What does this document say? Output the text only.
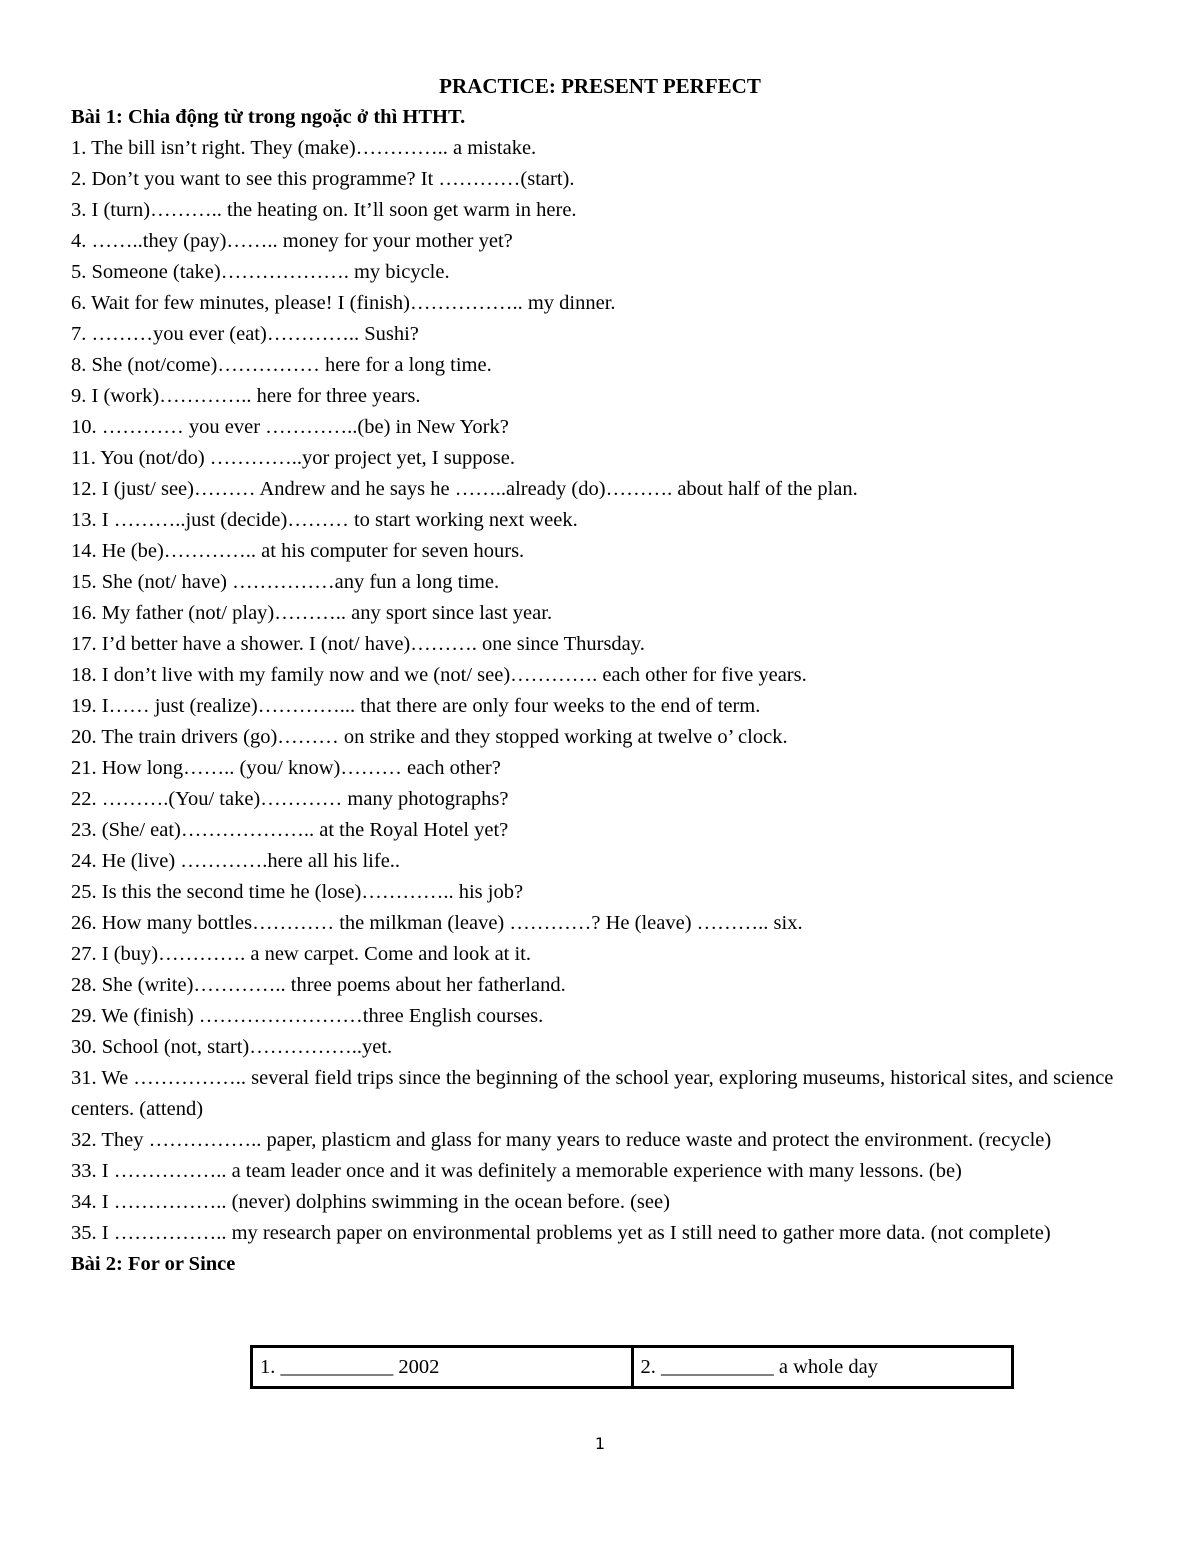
PRACTICE: PRESENT PERFECT
Bài 1: Chia động từ trong ngoặc ở thì HTHT.
1. The bill isn’t right. They (make)………….. a mistake.
2. Don’t you want to see this programme? It …………(start).
3. I (turn)……….. the heating on. It’ll soon get warm in here.
4. ……..they (pay)…….. money for your mother yet?
5. Someone (take)………………. my bicycle.
6. Wait for few minutes, please! I (finish)…………….. my dinner.
7. ………you ever (eat)………….. Sushi?
8. She (not/come)…………… here for a long time.
9. I (work)………….. here for three years.
10. ………… you ever …………..(be) in New York?
11. You (not/do) …………..yor project yet, I suppose.
12. I (just/ see)……… Andrew and he says he ……..already (do)………. about half of the plan.
13. I ………..just (decide)……… to start working next week.
14. He (be)………….. at his computer for seven hours.
15. She (not/ have) ……………any fun a long time.
16. My father (not/ play)……….. any sport since last year.
17. I’d better have a shower. I (not/ have)………. one since Thursday.
18. I don’t live with my family now and we (not/ see)…………. each other for five years.
19. I…… just (realize)…………... that there are only four weeks to the end of term.
20. The train drivers (go)……… on strike and they stopped working at twelve o’ clock.
21. How long…….. (you/ know)……… each other?
22. ……….(You/ take)………… many photographs?
23. (She/ eat)……………….. at the Royal Hotel yet?
24. He (live) ………….here all his life..
25. Is this the second time he (lose)………….. his job?
26. How many bottles………… the milkman (leave) …………? He (leave) ……….. six.
27. I (buy)…………. a new carpet. Come and look at it.
28. She (write)………….. three poems about her fatherland.
29. We (finish) ……………………three English courses.
30. School (not, start)……………..yet.
31. We …………….. several field trips since the beginning of the school year, exploring museums, historical sites, and science centers. (attend)
32. They …………….. paper, plasticm and glass for many years to reduce waste and protect the environment. (recycle)
33. I …………….. a team leader once and it was definitely a memorable experience with many lessons. (be)
34. I …………….. (never) dolphins swimming in the ocean before. (see)
35. I …………….. my research paper on environmental problems yet as I still need to gather more data. (not complete)
Bài 2: For or Since
1. ___________ 2002	2. ___________ a whole day
1
